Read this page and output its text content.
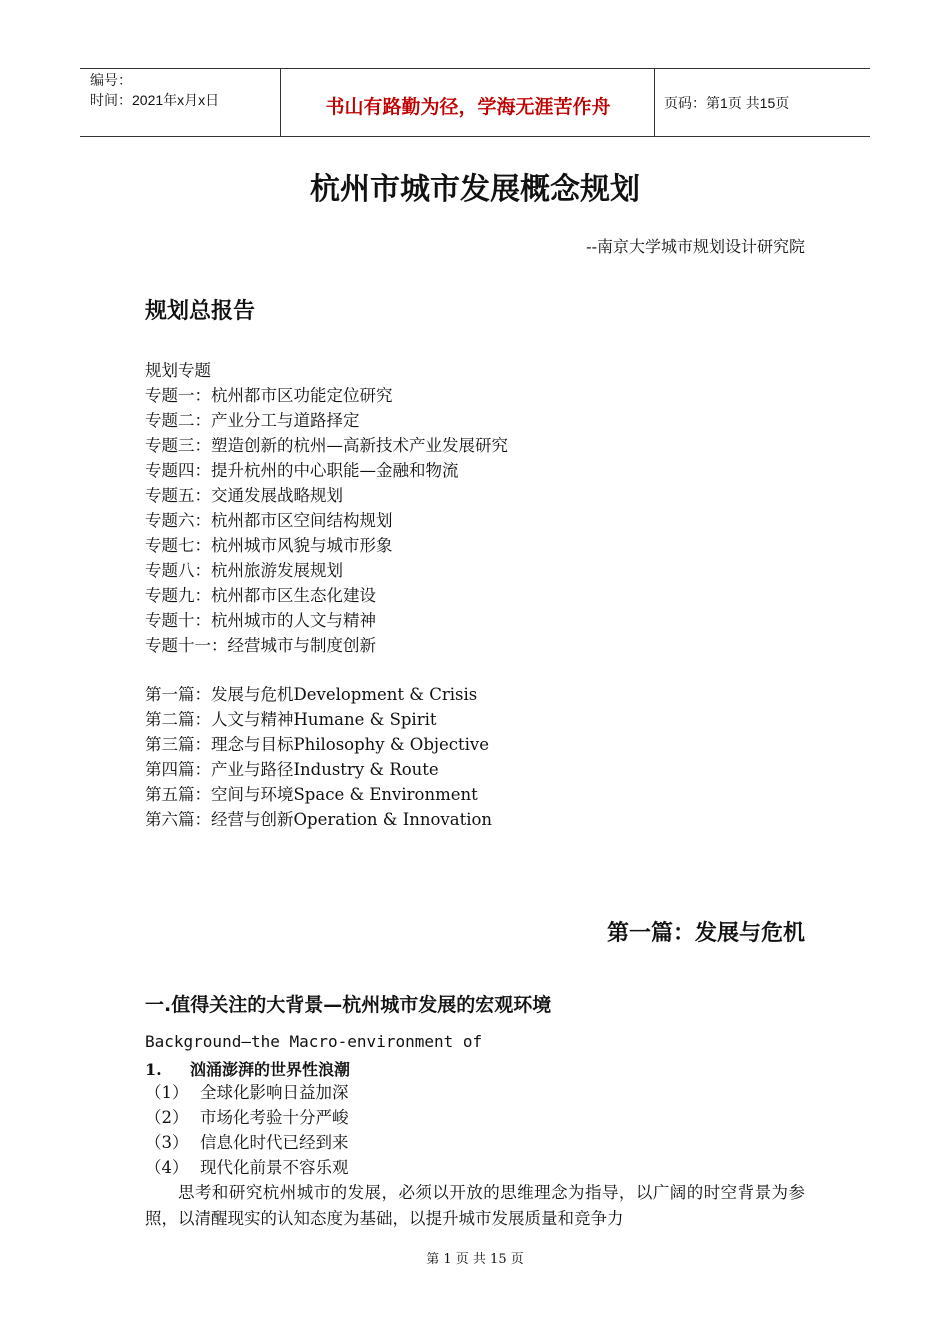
编号：
时间：2021年x月x日	书山有路勤为径，学海无涯苦作舟	页码：第1页 共15页
杭州市城市发展概念规划
--南京大学城市规划设计研究院
规划总报告
规划专题
专题一：杭州都市区功能定位研究
专题二：产业分工与道路择定
专题三：塑造创新的杭州—高新技术产业发展研究
专题四：提升杭州的中心职能—金融和物流
专题五：交通发展战略规划
专题六：杭州都市区空间结构规划
专题七：杭州城市风貌与城市形象
专题八：杭州旅游发展规划
专题九：杭州都市区生态化建设
专题十：杭州城市的人文与精神
专题十一：经营城市与制度创新
第一篇：发展与危机Development & Crisis
第二篇：人文与精神Humane & Spirit
第三篇：理念与目标Philosophy & Objective
第四篇：产业与路径Industry & Route
第五篇：空间与环境Space & Environment
第六篇：经营与创新Operation & Innovation
第一篇：发展与危机
一.值得关注的大背景—杭州城市发展的宏观环境
Background—the Macro-environment of
1. 汹涌澎湃的世界性浪潮
（1） 全球化影响日益加深
（2） 市场化考验十分严峻
（3） 信息化时代已经到来
（4） 现代化前景不容乐观

思考和研究杭州城市的发展，必须以开放的思维理念为指导，以广阔的时空背景为参照，以清醒现实的认知态度为基础，以提升城市发展质量和竞争力

第 1 页 共 15 页
